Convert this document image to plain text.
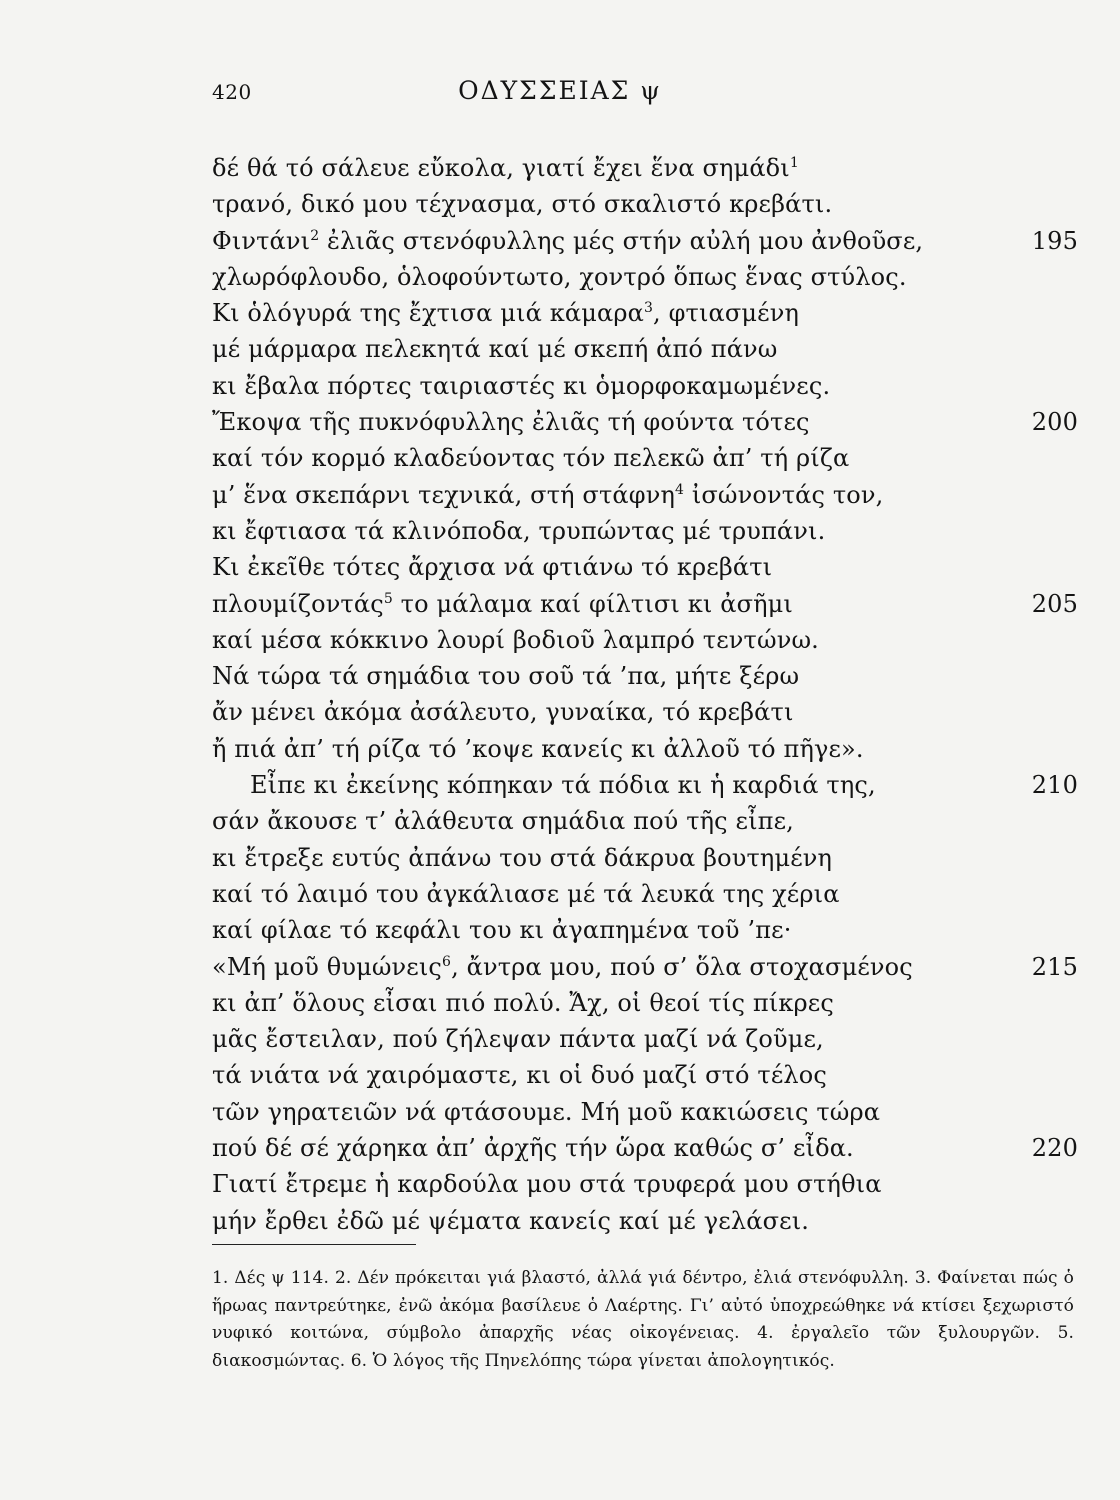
420	ΟΔΥΣΣΕΙΑΣ ψ
δέ θά τό σάλευε εὔκολα, γιατί ἔχει ἕνα σημάδι$^1$
τρανό, δικό μου τέχνασμα, στό σκαλιστό κρεβάτι.
Φιντάνι$^2$ ἐλιᾶς στενόφυλλης μές στήν αὐλή μου ἀνθοῦσε,	195
χλωρόφλουδο, ὁλοφούντωτο, χοντρό ὅπως ἕνας στύλος.
Κι ὁλόγυρά της ἔχτισα μιά κάμαρα$^3$, φτιασμένη
μέ μάρμαρα πελεκητά καί μέ σκεπή ἀπό πάνω
κι ἔβαλα πόρτες ταιριαστές κι ὁμορφοκαμωμένες.
Ἔκοψα τῆς πυκνόφυλλης ἐλιᾶς τή φούντα τότες	200
καί τόν κορμό κλαδεύοντας τόν πελεκῶ ἀπ’ τή ρίζα
μ’ ἕνα σκεπάρνι τεχνικά, στή στάφνη$^4$ ἰσώνοντάς τον,
κι ἔφτιασα τά κλινόποδα, τρυπώντας μέ τρυπάνι.
Κι ἐκεῖθε τότες ἄρχισα νά φτιάνω τό κρεβάτι
πλουμίζοντάς$^5$ το μάλαμα καί φίλτισι κι ἀσῆμι	205
καί μέσα κόκκινο λουρί βοδιοῦ λαμπρό τεντώνω.
Νά τώρα τά σημάδια του σοῦ τά ’πα, μήτε ξέρω
ἄν μένει ἀκόμα ἀσάλευτο, γυναίκα, τό κρεβάτι
ἤ πιά ἀπ’ τή ρίζα τό ’κοψε κανείς κι ἀλλοῦ τό πῆγε».
Εἶπε κι ἐκείνης κόπηκαν τά πόδια κι ἡ καρδιά της,	210
σάν ἄκουσε τ’ ἀλάθευτα σημάδια πού τῆς εἶπε,
κι ἔτρεξε ευτύς ἀπάνω του στά δάκρυα βουτημένη
καί τό λαιμό του ἀγκάλιασε μέ τά λευκά της χέρια
καί φίλαε τό κεφάλι του κι ἀγαπημένα τοῦ ’πε·
«Μή μοῦ θυμώνεις$^6$, ἄντρα μου, πού σ’ ὅλα στοχασμένος	215
κι ἀπ’ ὅλους εἶσαι πιό πολύ. Ἄχ, οἱ θεοί τίς πίκρες
μᾶς ἔστειλαν, πού ζήλεψαν πάντα μαζί νά ζοῦμε,
τά νιάτα νά χαιρόμαστε, κι οἱ δυό μαζί στό τέλος
τῶν γηρατειῶν νά φτάσουμε. Μή μοῦ κακιώσεις τώρα
πού δέ σέ χάρηκα ἀπ’ ἀρχῆς τήν ὥρα καθώς σ’ εἶδα.	220
Γιατί ἔτρεμε ἡ καρδούλα μου στά τρυφερά μου στήθια
μήν ἔρθει ἐδῶ μέ ψέματα κανείς καί μέ γελάσει.

1. Δές ψ 114. 2. Δέν πρόκειται γιά βλαστό, ἀλλά γιά δέντρο, ἐλιά στενόφυλλη. 3. Φαίνεται πώς ὁ ἥρωας παντρεύτηκε, ἐνῶ ἀκόμα βασίλευε ὁ Λαέρτης. Γι’ αὐτό ὑποχρεώθηκε νά κτίσει ξεχωριστό νυφικό κοιτώνα, σύμβολο ἀπαρχῆς νέας οἰκογένειας. 4. ἐργαλεῖο τῶν ξυλουργῶν. 5. διακοσμώντας. 6. Ὁ λόγος τῆς Πηνελόπης τώρα γίνεται ἀπολογητικός.
